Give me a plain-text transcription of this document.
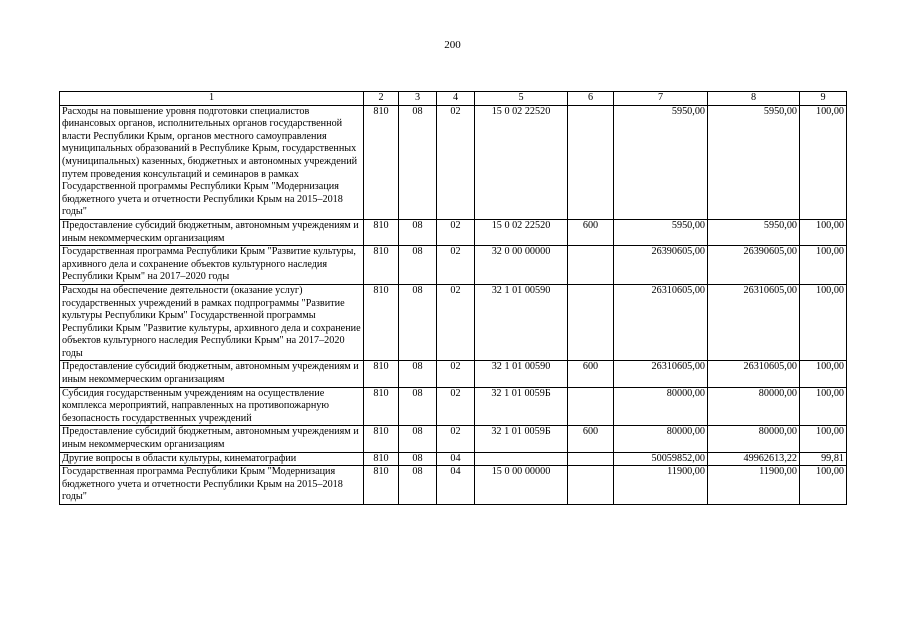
200
1	2	3	4	5	6	7	8	9
Расходы на повышение уровня подготовки специалистов финансовых органов, исполнительных органов государственной власти Республики Крым, органов местного самоуправления муниципальных образований в Республике Крым, государственных (муниципальных) казенных, бюджетных и автономных учреждений путем проведения консультаций и семинаров в рамках Государственной программы Республики Крым "Модернизация бюджетного учета и отчетности Республики Крым на 2015–2018 годы"	810	08	02	15 0 02 22520		5950,00	5950,00	100,00
Предоставление субсидий бюджетным, автономным учреждениям и иным некоммерческим организациям	810	08	02	15 0 02 22520	600	5950,00	5950,00	100,00
Государственная программа Республики Крым "Развитие культуры, архивного дела и сохранение объектов культурного наследия Республики Крым" на 2017–2020 годы	810	08	02	32 0 00 00000		26390605,00	26390605,00	100,00
Расходы на обеспечение деятельности (оказание услуг) государственных учреждений в рамках подпрограммы "Развитие культуры Республики Крым" Государственной программы Республики Крым "Развитие культуры, архивного дела и сохранение объектов культурного наследия Республики Крым" на 2017–2020 годы	810	08	02	32 1 01 00590		26310605,00	26310605,00	100,00
Предоставление субсидий бюджетным, автономным учреждениям и иным некоммерческим организациям	810	08	02	32 1 01 00590	600	26310605,00	26310605,00	100,00
Субсидия государственным учреждениям на осуществление комплекса мероприятий, направленных на противопожарную безопасность государственных учреждений	810	08	02	32 1 01 0059Б		80000,00	80000,00	100,00
Предоставление субсидий бюджетным, автономным учреждениям и иным некоммерческим организациям	810	08	02	32 1 01 0059Б	600	80000,00	80000,00	100,00
Другие вопросы в области культуры, кинематографии	810	08	04			50059852,00	49962613,22	99,81
Государственная программа Республики Крым "Модернизация бюджетного учета и отчетности Республики Крым на 2015–2018 годы"	810	08	04	15 0 00 00000		11900,00	11900,00	100,00
